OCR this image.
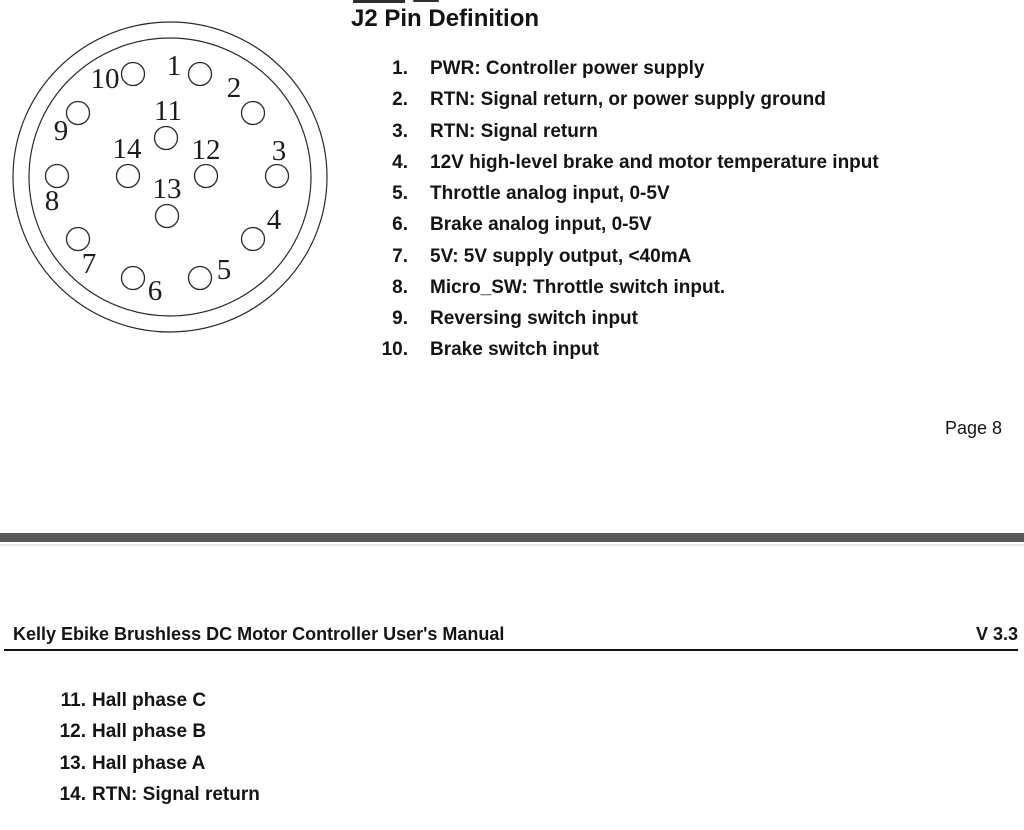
1
2
3
4
5
6
7
8
9
10
11
12
13
14
J2 Pin Definition
1. PWR: Controller power supply
2. RTN: Signal return, or power supply ground
3. RTN: Signal return
4. 12V high-level brake and motor temperature input
5. Throttle analog input, 0-5V
6. Brake analog input, 0-5V
7. 5V: 5V supply output, <40mA
8. Micro_SW: Throttle switch input.
9. Reversing switch input
10. Brake switch input
Page 8
Kelly Ebike Brushless DC Motor Controller User's Manual	V 3.3
11. Hall phase C
12. Hall phase B
13. Hall phase A
14. RTN: Signal return
